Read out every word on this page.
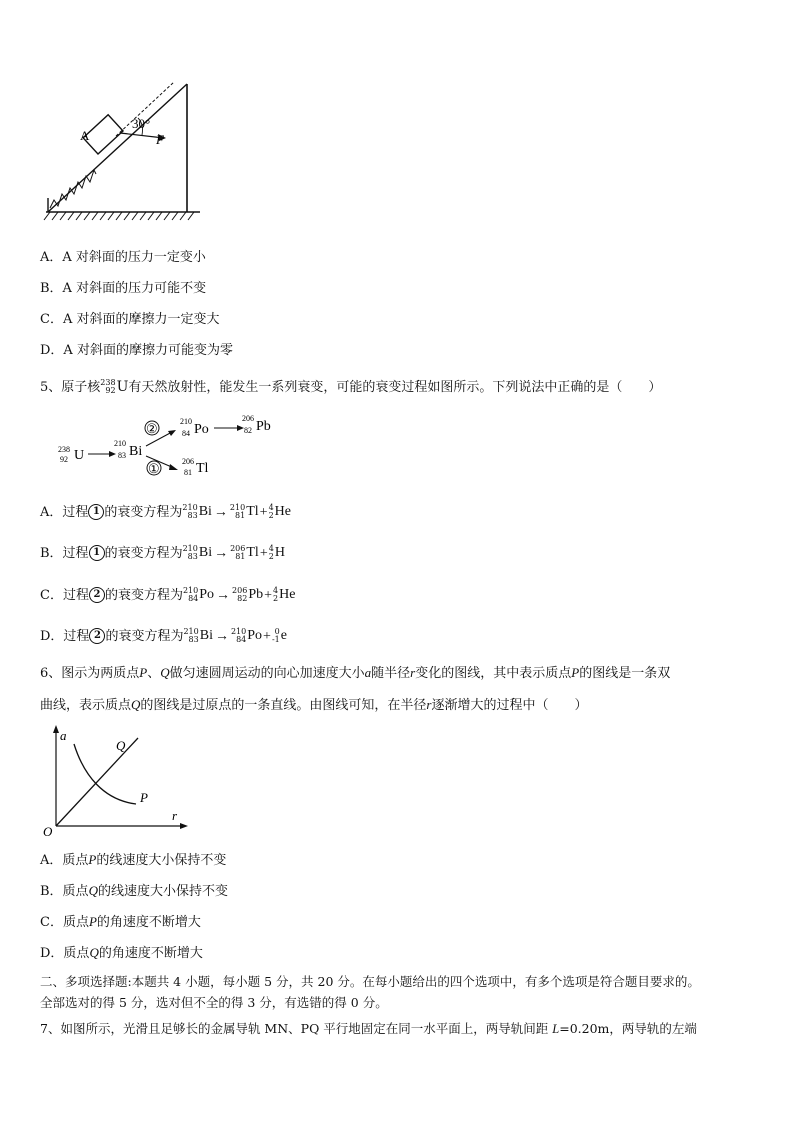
A
30°
F
A．A 对斜面的压力一定变小
B．A 对斜面的压力可能不变
C．A 对斜面的摩擦力一定变大
D．A 对斜面的摩擦力可能变为零
5、原子核 238
92 U有天然放射性，能发生一系列衰变，可能的衰变过程如图所示。下列说法中正确的是（　　）
238
92 U
210
83 Bi
②
①
210
84 Po
206
82 Pb
206
81 Tl
A．过程 1 的衰变方程为 210
83 Bi → 210
81 Tl+ 4
2 He
B．过程 1 的衰变方程为 210
83 Bi → 206
81 Tl+ 4
2 H
C．过程 2 的衰变方程为 210
84 Po → 206
82 Pb+ 4
2 He
D．过程 2 的衰变方程为 210
83 Bi → 210
84 Po+ 0
-1 e
6、图示为两质点P、Q做匀速圆周运动的向心加速度大小a随半径r变化的图线，其中表示质点P的图线是一条双
曲线，表示质点Q的图线是过原点的一条直线。由图线可知，在半径r逐渐增大的过程中（　　）
a
r
O
Q
P
A．质点P的线速度大小保持不变
B．质点Q的线速度大小保持不变
C．质点P的角速度不断增大
D．质点Q的角速度不断增大
二、多项选择题:本题共 4 小题，每小题 5 分，共 20 分。在每小题给出的四个选项中，有多个选项是符合题目要求的。
全部选对的得 5 分，选对但不全的得 3 分，有选错的得 0 分。
7、如图所示，光滑且足够长的金属导轨 MN、PQ 平行地固定在同一水平面上，两导轨间距 L=0.20m，两导轨的左端
